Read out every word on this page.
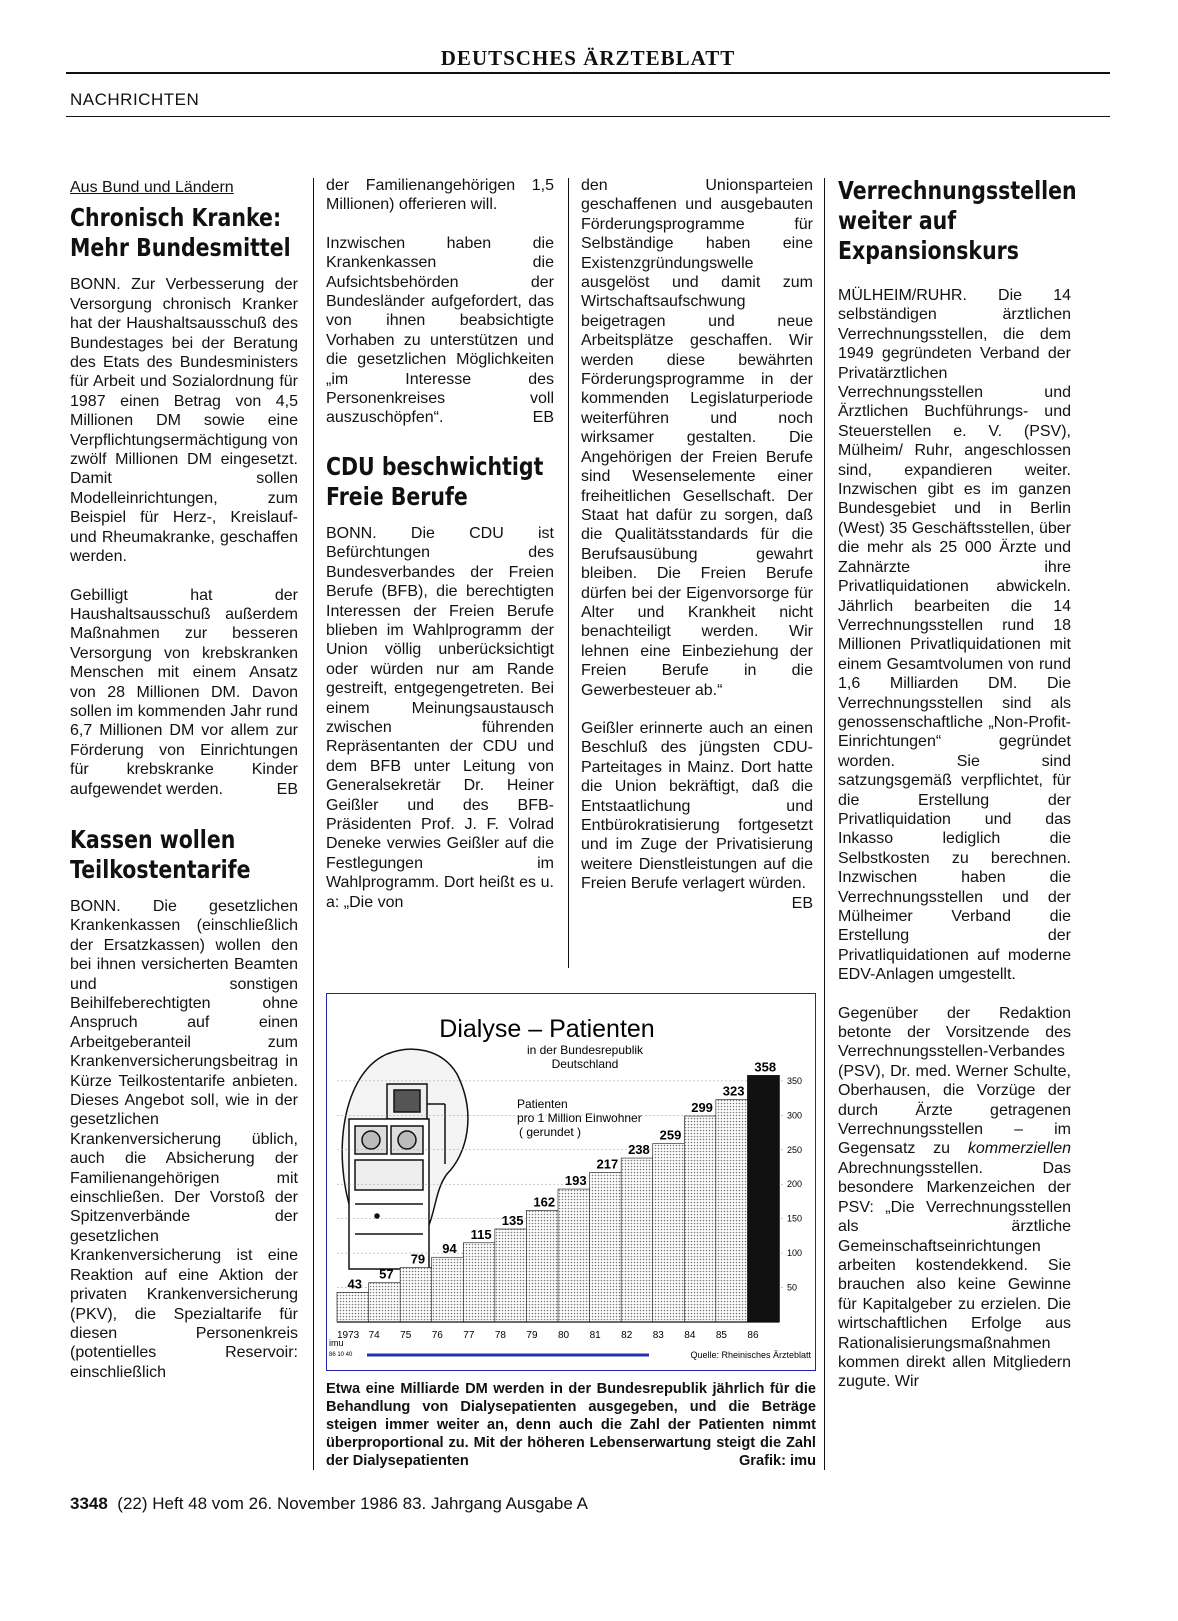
DEUTSCHES ÄRZTEBLATT
NACHRICHTEN
Aus Bund und Ländern
Chronisch Kranke:
Mehr Bundesmittel

BONN. Zur Verbesserung der Versorgung chronisch Kranker hat der Haushaltsausschuß des Bundestages bei der Beratung des Etats des Bundesministers für Arbeit und Sozialordnung für 1987 einen Betrag von 4,5 Millionen DM sowie eine Verpflichtungsermächtigung von zwölf Millionen DM eingesetzt. Damit sollen Modelleinrichtungen, zum Beispiel für Herz-, Kreislauf- und Rheumakranke, geschaffen werden.

Gebilligt hat der Haushaltsausschuß außerdem Maßnahmen zur besseren Versorgung von krebskranken Menschen mit einem Ansatz von 28 Millionen DM. Davon sollen im kommenden Jahr rund 6,7 Millionen DM vor allem zur Förderung von Einrichtungen für krebskranke Kinder aufgewendet werden.	EB

Kassen wollen
Teilkostentarife

BONN. Die gesetzlichen Krankenkassen (einschließlich der Ersatzkassen) wollen den bei ihnen versicherten Beamten und sonstigen Beihilfeberechtigten ohne Anspruch auf einen Arbeitgeberanteil zum Krankenversicherungsbeitrag in Kürze Teilkostentarife anbieten. Dieses Angebot soll, wie in der gesetzlichen Krankenversicherung üblich, auch die Absicherung der Familienangehörigen mit einschließen. Der Vorstoß der Spitzenverbände der gesetzlichen Krankenversicherung ist eine Reaktion auf eine Aktion der privaten Krankenversicherung (PKV), die Spezialtarife für diesen Personenkreis (potentielles Reservoir: einschließlich

der Familienangehörigen 1,5 Millionen) offerieren will.

Inzwischen haben die Krankenkassen die Aufsichtsbehörden der Bundesländer aufgefordert, das von ihnen beabsichtigte Vorhaben zu unterstützen und die gesetzlichen Möglichkeiten „im Interesse des Personenkreises voll auszuschöpfen“.	EB

CDU beschwichtigt
Freie Berufe

BONN. Die CDU ist Befürchtungen des Bundesverbandes der Freien Berufe (BFB), die berechtigten Interessen der Freien Berufe blieben im Wahlprogramm der Union völlig unberücksichtigt oder würden nur am Rande gestreift, entgegengetreten. Bei einem Meinungsaustausch zwischen führenden Repräsentanten der CDU und dem BFB unter Leitung von Generalsekretär Dr. Heiner Geißler und des BFB-Präsidenten Prof. J. F. Volrad Deneke verwies Geißler auf die Festlegungen im Wahlprogramm. Dort heißt es u. a: „Die von

den Unionsparteien geschaffenen und ausgebauten Förderungsprogramme für Selbständige haben eine Existenzgründungswelle ausgelöst und damit zum Wirtschaftsaufschwung beigetragen und neue Arbeitsplätze geschaffen. Wir werden diese bewährten Förderungsprogramme in der kommenden Legislaturperiode weiterführen und noch wirksamer gestalten. Die Angehörigen der Freien Berufe sind Wesenselemente einer freiheitlichen Gesellschaft. Der Staat hat dafür zu sorgen, daß die Qualitätsstandards für die Berufsausübung gewahrt bleiben. Die Freien Berufe dürfen bei der Eigenvorsorge für Alter und Krankheit nicht benachteiligt werden. Wir lehnen eine Einbeziehung der Freien Berufe in die Gewerbesteuer ab.“

Geißler erinnerte auch an einen Beschluß des jüngsten CDU-Parteitages in Mainz. Dort hatte die Union bekräftigt, daß die Entstaatlichung und Entbürokratisierung fortgesetzt und im Zuge der Privatisierung weitere Dienstleistungen auf die Freien Berufe verlagert würden.
EB

Verrechnungsstellen
weiter auf
Expansionskurs

MÜLHEIM/RUHR. Die 14 selbständigen ärztlichen Verrechnungsstellen, die dem 1949 gegründeten Verband der Privatärztlichen Verrechnungsstellen und Ärztlichen Buchführungs- und Steuerstellen e. V. (PSV), Mülheim/ Ruhr, angeschlossen sind, expandieren weiter. Inzwischen gibt es im ganzen Bundesgebiet und in Berlin (West) 35 Geschäftsstellen, über die mehr als 25 000 Ärzte und Zahnärzte ihre Privatliquidationen abwickeln. Jährlich bearbeiten die 14 Verrechnungsstellen rund 18 Millionen Privatliquidationen mit einem Gesamtvolumen von rund 1,6 Milliarden DM. Die Verrechnungsstellen sind als genossenschaftliche „Non-Profit-Einrichtungen“ gegründet worden. Sie sind satzungsgemäß verpflichtet, für die Erstellung der Privatliquidation und das Inkasso lediglich die Selbstkosten zu berechnen. Inzwischen haben die Verrechnungsstellen und der Mülheimer Verband die Erstellung der Privatliquidationen auf moderne EDV-Anlagen umgestellt.

Gegenüber der Redaktion betonte der Vorsitzende des Verrechnungsstellen-Verbandes (PSV), Dr. med. Werner Schulte, Oberhausen, die Vorzüge der durch Ärzte getragenen Verrechnungsstellen – im Gegensatz zu kommerziellen Abrechnungsstellen. Das besondere Markenzeichen der PSV: „Die Verrechnungsstellen als ärztliche Gemeinschaftseinrichtungen arbeiten kostendekkend. Sie brauchen also keine Gewinne für Kapitalgeber zu erzielen. Die wirtschaftlichen Erfolge aus Rationalisierungsmaßnahmen kommen direkt allen Mitgliedern zugute. Wir

43
57
79
94
115
135
162
193
217
238
259
299
323
358
50
100
150
200
250
300
350
1973 74 75 76 77 78 79 80 81 82 83 84 85 86
Dialyse – Patienten
in der Bundesrepublik
Deutschland
Patienten
pro 1 Million Einwohner
( gerundet )
imu
86 10 40	Quelle: Rheinisches Ärzteblatt
Etwa eine Milliarde DM werden in der Bundesrepublik jährlich für die Behandlung von Dialysepatienten ausgegeben, und die Beträge steigen immer weiter an, denn auch die Zahl der Patienten nimmt überproportional zu. Mit der höheren Lebenserwartung steigt die Zahl der Dialysepatienten	Grafik: imu
3348 (22) Heft 48 vom 26. November 1986 83. Jahrgang Ausgabe A
